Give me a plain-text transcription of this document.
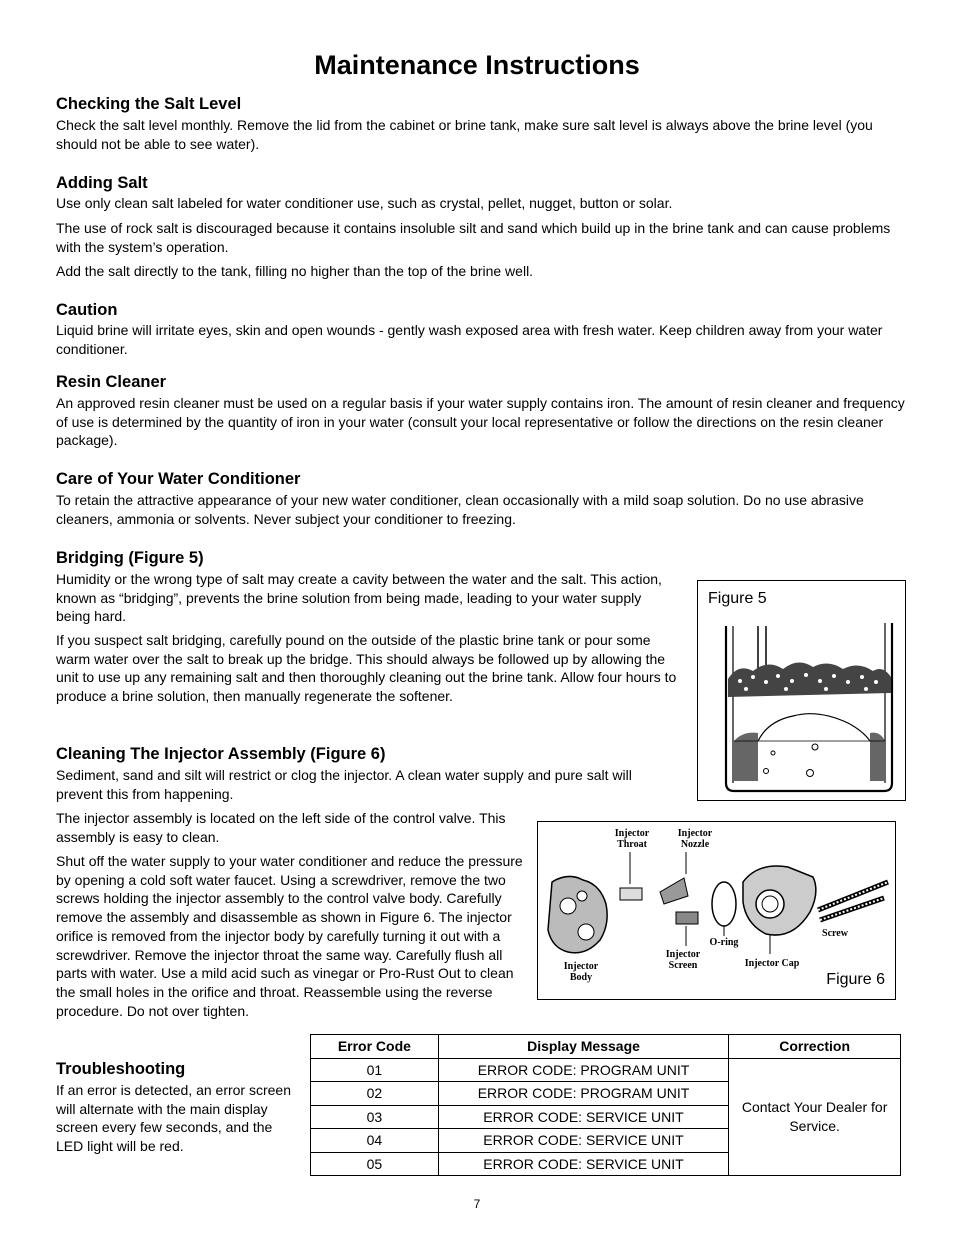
Maintenance Instructions
Checking the Salt Level

Check the salt level monthly. Remove the lid from the cabinet or brine tank, make sure salt level is always above the brine level (you should not be able to see water).

Adding Salt

Use only clean salt labeled for water conditioner use, such as crystal, pellet, nugget, button or solar.

The use of rock salt is discouraged because it contains insoluble silt and sand which build up in the brine tank and can cause problems with the system’s operation.

Add the salt directly to the tank, filling no higher than the top of the brine well.

Caution

Liquid brine will irritate eyes, skin and open wounds - gently wash exposed area with fresh water. Keep children away from your water conditioner.

Resin Cleaner

An approved resin cleaner must be used on a regular basis if your water supply contains iron. The amount of resin cleaner and frequency of use is determined by the quantity of iron in your water (consult your local representative or follow the directions on the resin cleaner package).

Care of Your Water Conditioner

To retain the attractive appearance of your new water conditioner, clean occasionally with a mild soap solution. Do no use abrasive cleaners, ammonia or solvents. Never subject your conditioner to freezing.

Bridging (Figure 5)

Humidity or the wrong type of salt may create a cavity between the water and the salt. This action, known as “bridging”, prevents the brine solution from being made, leading to your water supply being hard.

If you suspect salt bridging, carefully pound on the outside of the plastic brine tank or pour some warm water over the salt to break up the bridge. This should always be followed up by allowing the unit to use up any remaining salt and then thoroughly cleaning out the brine tank. Allow four hours to produce a brine solution, then manually regenerate the softener.

Figure 5
Cleaning The Injector Assembly (Figure 6)

Sediment, sand and silt will restrict or clog the injector. A clean water supply and pure salt will prevent this from happening.

The injector assembly is located on the left side of the control valve. This assembly is easy to clean.

Shut off the water supply to your water conditioner and reduce the pressure by opening a cold soft water faucet. Using a screwdriver, remove the two screws holding the injector assembly to the control valve body. Carefully remove the assembly and disassemble as shown in Figure 6. The injector orifice is removed from the injector body by carefully turning it out with a screwdriver. Remove the injector throat the same way. Carefully flush all parts with water. Use a mild acid such as vinegar or Pro-Rust Out to clean the small holes in the orifice and throat. Reassemble using the reverse procedure. Do not over tighten.

Injector Throat
Injector Nozzle
Injector Body
Injector Screen
O-ring
Injector Cap
Screw
Figure 6
Troubleshooting

If an error is detected, an error screen will alternate with the main display screen every few seconds, and the LED light will be red.

Error Code	Display Message	Correction
01	ERROR CODE: PROGRAM UNIT	Contact Your Dealer for Service.
02	ERROR CODE: PROGRAM UNIT	
03	ERROR CODE: SERVICE UNIT	
04	ERROR CODE: SERVICE UNIT	
05	ERROR CODE: SERVICE UNIT	
7
